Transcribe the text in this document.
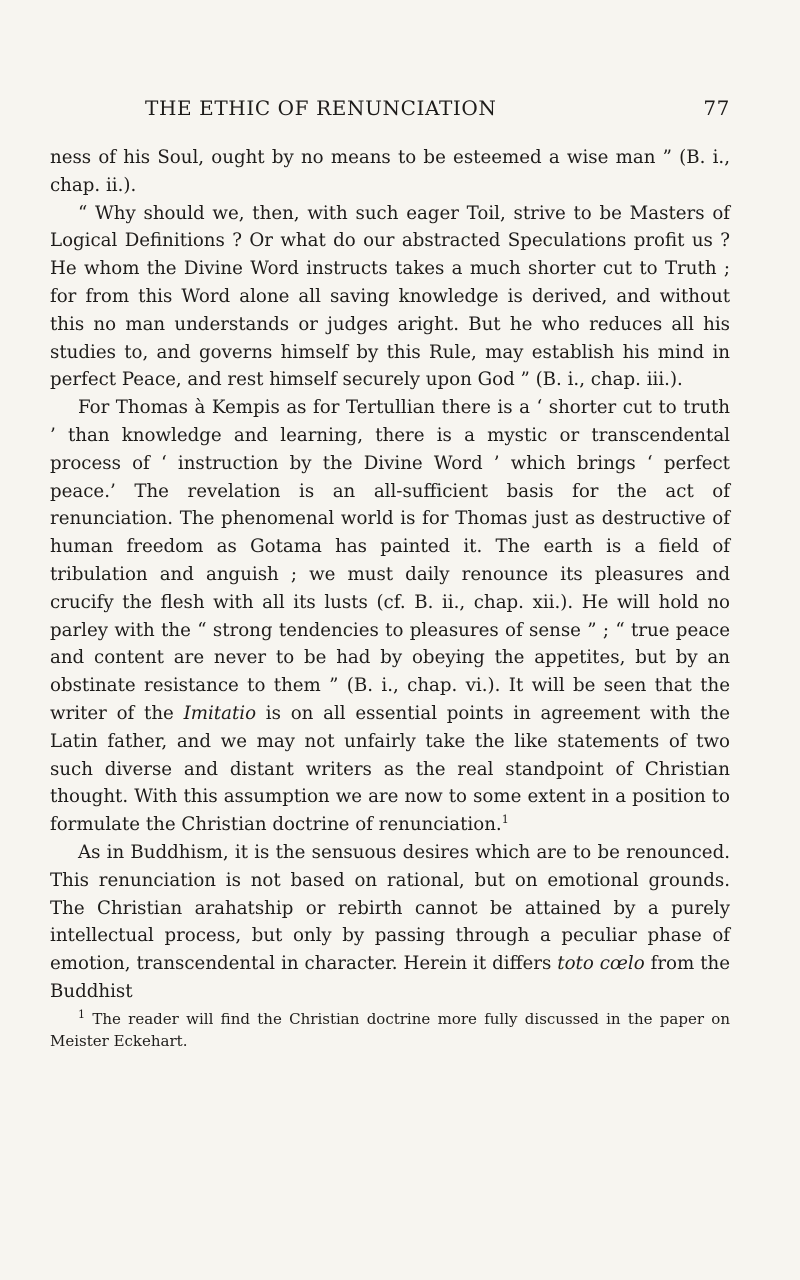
THE ETHIC OF RENUNCIATION	77

ness of his Soul, ought by no means to be esteemed a wise man ” (B. i., chap. ii.).

“ Why should we, then, with such eager Toil, strive to be Masters of Logical Definitions ? Or what do our abstracted Speculations profit us ? He whom the Divine Word instructs takes a much shorter cut to Truth ; for from this Word alone all saving knowledge is derived, and without this no man understands or judges aright. But he who reduces all his studies to, and governs himself by this Rule, may establish his mind in perfect Peace, and rest himself securely upon God ” (B. i., chap. iii.).

For Thomas à Kempis as for Tertullian there is a ‘ shorter cut to truth ’ than knowledge and learning, there is a mystic or transcendental process of ‘ instruction by the Divine Word ’ which brings ‘ perfect peace.’ The revelation is an all-sufficient basis for the act of renunciation. The phenomenal world is for Thomas just as destructive of human freedom as Gotama has painted it. The earth is a field of tribulation and anguish ; we must daily renounce its pleasures and crucify the flesh with all its lusts (cf. B. ii., chap. xii.). He will hold no parley with the “ strong tendencies to pleasures of sense ” ; “ true peace and content are never to be had by obeying the appetites, but by an obstinate resistance to them ” (B. i., chap. vi.). It will be seen that the writer of the Imitatio is on all essential points in agreement with the Latin father, and we may not unfairly take the like statements of two such diverse and distant writers as the real standpoint of Christian thought. With this assumption we are now to some extent in a position to formulate the Christian doctrine of renunciation.$^1$

As in Buddhism, it is the sensuous desires which are to be renounced. This renunciation is not based on rational, but on emotional grounds. The Christian arahatship or rebirth cannot be attained by a purely intellectual process, but only by passing through a peculiar phase of emotion, transcendental in character. Herein it differs toto cœlo from the Buddhist

$^1$ The reader will find the Christian doctrine more fully discussed in the paper on Meister Eckehart.
